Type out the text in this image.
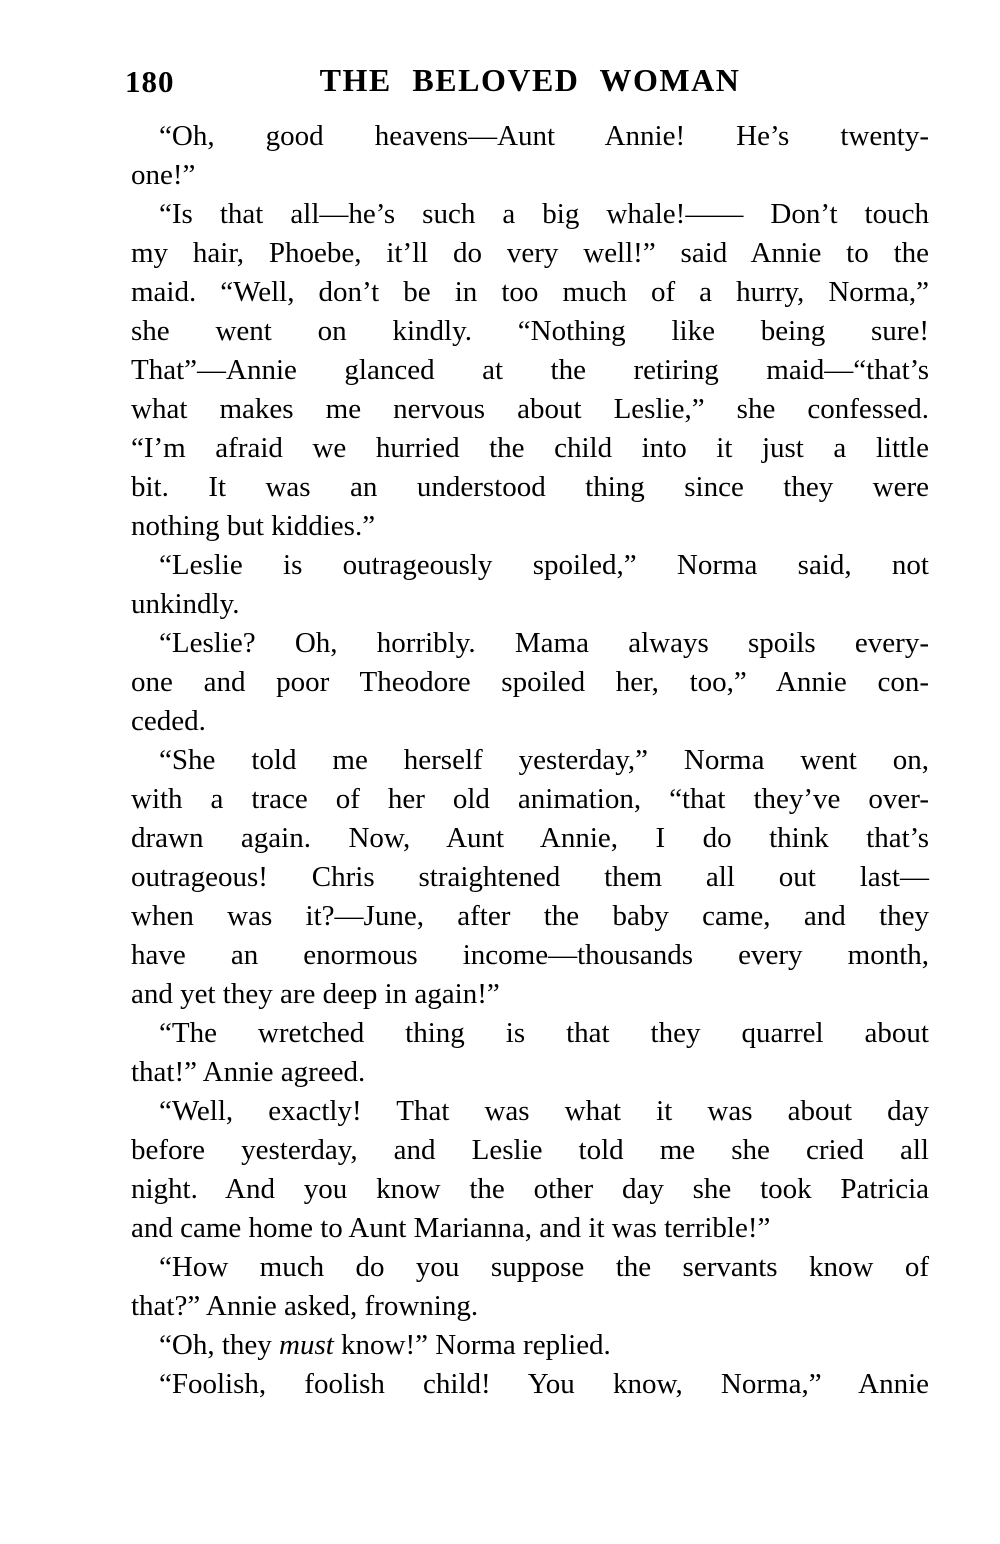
180	THE BELOVED WOMAN
“Oh, good heavens—Aunt Annie! He’s twenty-
one!”
“Is that all—he’s such a big whale!—— Don’t touch
my hair, Phoebe, it’ll do very well!” said Annie to the
maid. “Well, don’t be in too much of a hurry, Norma,”
she went on kindly. “Nothing like being sure!
That”—Annie glanced at the retiring maid—“that’s
what makes me nervous about Leslie,” she confessed.
“I’m afraid we hurried the child into it just a little
bit. It was an understood thing since they were
nothing but kiddies.”
“Leslie is outrageously spoiled,” Norma said, not
unkindly.
“Leslie? Oh, horribly. Mama always spoils every-
one and poor Theodore spoiled her, too,” Annie con-
ceded.
“She told me herself yesterday,” Norma went on,
with a trace of her old animation, “that they’ve over-
drawn again. Now, Aunt Annie, I do think that’s
outrageous! Chris straightened them all out last—
when was it?—June, after the baby came, and they
have an enormous income—thousands every month,
and yet they are deep in again!”
“The wretched thing is that they quarrel about
that!” Annie agreed.
“Well, exactly! That was what it was about day
before yesterday, and Leslie told me she cried all
night. And you know the other day she took Patricia
and came home to Aunt Marianna, and it was terrible!”
“How much do you suppose the servants know of
that?” Annie asked, frowning.
“Oh, they must know!” Norma replied.
“Foolish, foolish child! You know, Norma,” Annie
